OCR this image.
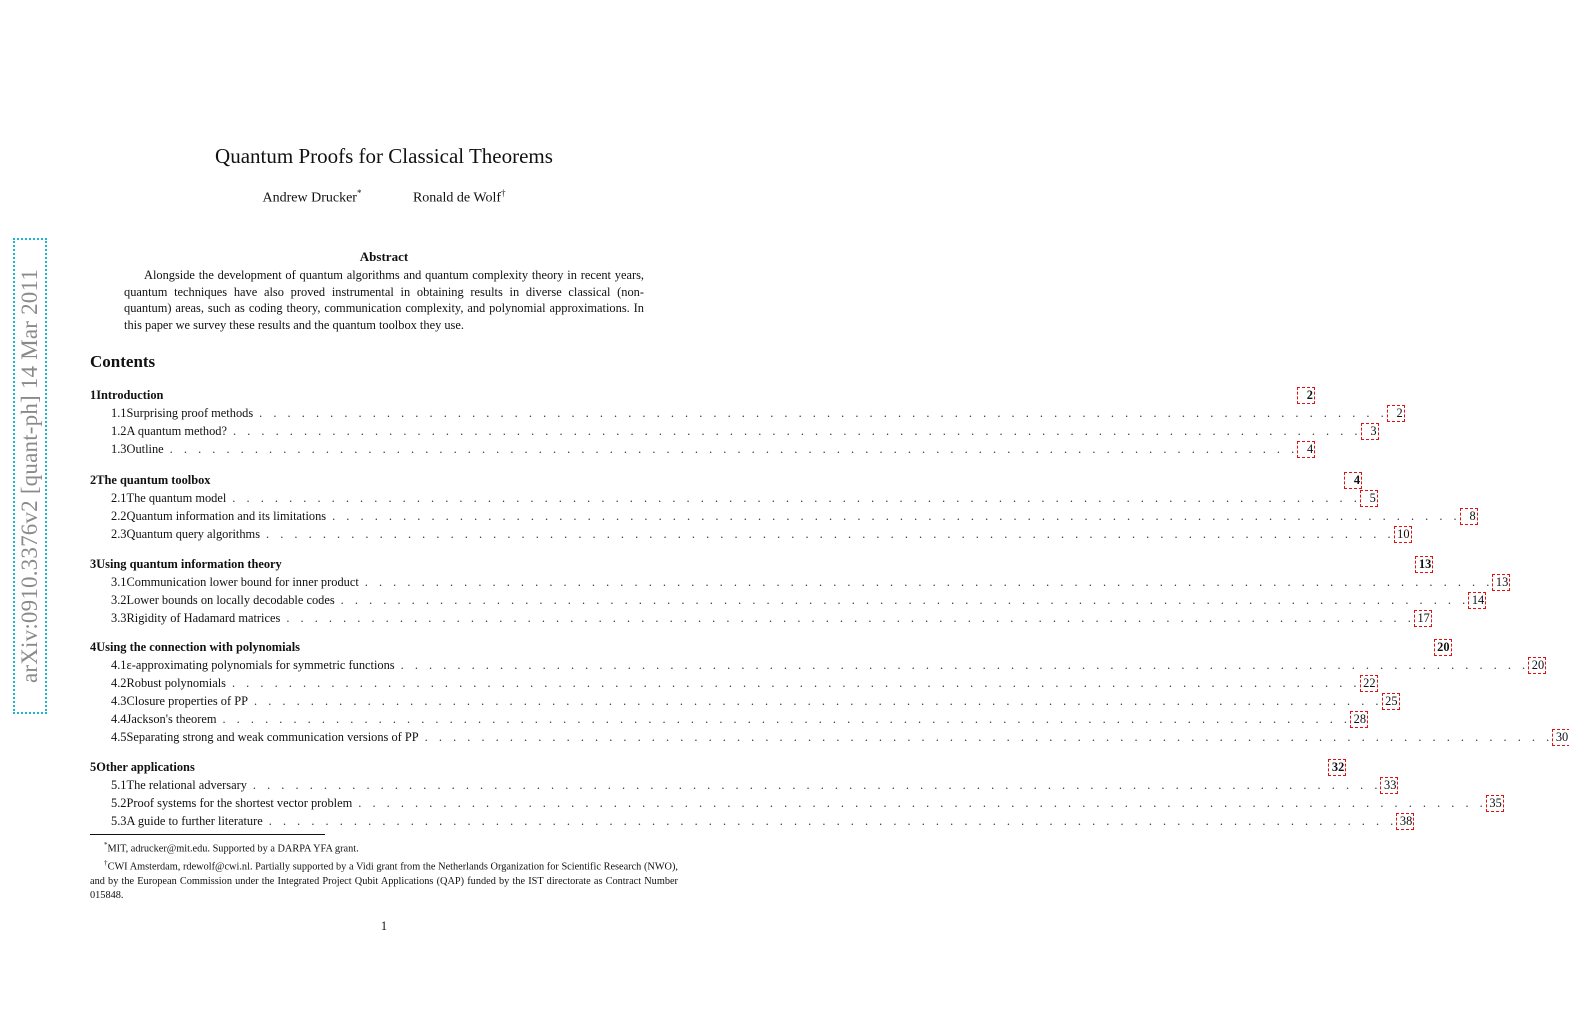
arXiv:0910.3376v2 [quant-ph] 14 Mar 2011
Quantum Proofs for Classical Theorems
Andrew Drucker*	Ronald de Wolf†
Abstract
Alongside the development of quantum algorithms and quantum complexity theory in recent years, quantum techniques have also proved instrumental in obtaining results in diverse classical (non-quantum) areas, such as coding theory, communication complexity, and polynomial approximations. In this paper we survey these results and the quantum toolbox they use.
Contents
1 Introduction	2
1.1 Surprising proof methods . . . . . . . . . . . . . . . . . . . . . . . . . . . . . . . . . . . . . . . . . . . . . . . . . . . . . . . . . . . . . . . . . . . . . . . . . . . . . . . . 2
1.2 A quantum method? . . . . . . . . . . . . . . . . . . . . . . . . . . . . . . . . . . . . . . . . . . . . . . . . . . . . . . . . . . . . . . . . . . . . . . . . . . . . . . . . 3
1.3 Outline . . . . . . . . . . . . . . . . . . . . . . . . . . . . . . . . . . . . . . . . . . . . . . . . . . . . . . . . . . . . . . . . . . . . . . . . . . . . . . . . 4
2 The quantum toolbox	4
2.1 The quantum model . . . . . . . . . . . . . . . . . . . . . . . . . . . . . . . . . . . . . . . . . . . . . . . . . . . . . . . . . . . . . . . . . . . . . . . . . . . . . . . . 5
2.2 Quantum information and its limitations . . . . . . . . . . . . . . . . . . . . . . . . . . . . . . . . . . . . . . . . . . . . . . . . . . . . . . . . . . . . . . . . . . . . . . . . . . . . . . . . 8
2.3 Quantum query algorithms . . . . . . . . . . . . . . . . . . . . . . . . . . . . . . . . . . . . . . . . . . . . . . . . . . . . . . . . . . . . . . . . . . . . . . . . . . . . . . . . 10
3 Using quantum information theory	13
3.1 Communication lower bound for inner product . . . . . . . . . . . . . . . . . . . . . . . . . . . . . . . . . . . . . . . . . . . . . . . . . . . . . . . . . . . . . . . . . . . . . . . . . . . . . . . . 13
3.2 Lower bounds on locally decodable codes . . . . . . . . . . . . . . . . . . . . . . . . . . . . . . . . . . . . . . . . . . . . . . . . . . . . . . . . . . . . . . . . . . . . . . . . . . . . . . . . 14
3.3 Rigidity of Hadamard matrices . . . . . . . . . . . . . . . . . . . . . . . . . . . . . . . . . . . . . . . . . . . . . . . . . . . . . . . . . . . . . . . . . . . . . . . . . . . . . . . . 17
4 Using the connection with polynomials	20
4.1 ε-approximating polynomials for symmetric functions . . . . . . . . . . . . . . . . . . . . . . . . . . . . . . . . . . . . . . . . . . . . . . . . . . . . . . . . . . . . . . . . . . . . . . . . . . . . . . . . 20
4.2 Robust polynomials . . . . . . . . . . . . . . . . . . . . . . . . . . . . . . . . . . . . . . . . . . . . . . . . . . . . . . . . . . . . . . . . . . . . . . . . . . . . . . . . 22
4.3 Closure properties of PP . . . . . . . . . . . . . . . . . . . . . . . . . . . . . . . . . . . . . . . . . . . . . . . . . . . . . . . . . . . . . . . . . . . . . . . . . . . . . . . . 25
4.4 Jackson's theorem . . . . . . . . . . . . . . . . . . . . . . . . . . . . . . . . . . . . . . . . . . . . . . . . . . . . . . . . . . . . . . . . . . . . . . . . . . . . . . . . 28
4.5 Separating strong and weak communication versions of PP . . . . . . . . . . . . . . . . . . . . . . . . . . . . . . . . . . . . . . . . . . . . . . . . . . . . . . . . . . . . . . . . . . . . . . . . . . . . . . . . 30
5 Other applications	32
5.1 The relational adversary . . . . . . . . . . . . . . . . . . . . . . . . . . . . . . . . . . . . . . . . . . . . . . . . . . . . . . . . . . . . . . . . . . . . . . . . . . . . . . . . 33
5.2 Proof systems for the shortest vector problem . . . . . . . . . . . . . . . . . . . . . . . . . . . . . . . . . . . . . . . . . . . . . . . . . . . . . . . . . . . . . . . . . . . . . . . . . . . . . . . . 35
5.3 A guide to further literature . . . . . . . . . . . . . . . . . . . . . . . . . . . . . . . . . . . . . . . . . . . . . . . . . . . . . . . . . . . . . . . . . . . . . . . . . . . . . . . . 38

*MIT, adrucker@mit.edu. Supported by a DARPA YFA grant.

†CWI Amsterdam, rdewolf@cwi.nl. Partially supported by a Vidi grant from the Netherlands Organization for Scientific Research (NWO), and by the European Commission under the Integrated Project Qubit Applications (QAP) funded by the IST directorate as Contract Number 015848.

1
